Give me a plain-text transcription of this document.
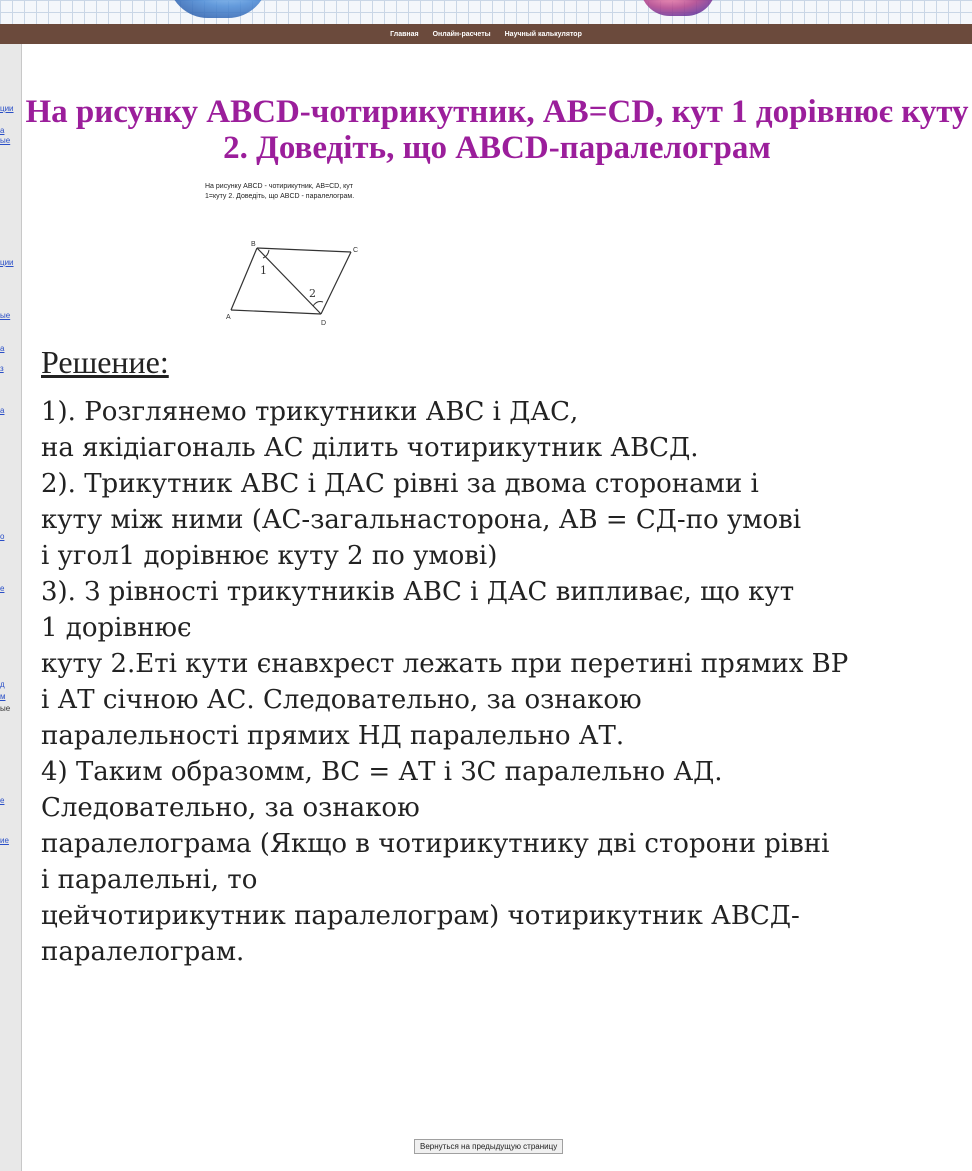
Главная Онлайн-расчеты Научный калькулятор
ции
а
ые
ции
ые
а
з
а
о
е
д
м
ые
е
ие
На рисунку ABCD-чотирикутник, AB=CD, кут 1 дорівнює куту 2. Доведіть, що ABCD-паралелограм
На рисунку ABCD - чотирикутник, AB=CD, кут
1=куту 2. Доведіть, що ABCD - паралелограм.
B
C
A
D
1
2
Решение:
1). Розглянемо трикутники АВС і ДАС,
на якідіагональ АС ділить чотирикутник АВСД.
2). Трикутник АВС і ДАС рівні за двома сторонами і
куту між ними (АС-загальнасторона, АВ = СД-по умові
і угол1 дорівнює куту 2 по умові)
3). З рівності трикутників АВС і ДАС випливає, що кут
1 дорівнює
куту 2.Еті кути єнавхрест лежать при перетині прямих ВР
і АТ січною АС. Следовательно, за ознакою
паралельності прямих НД паралельно АТ.
4) Таким образомм, ВС = АТ і ЗС паралельно АД.
Следовательно, за ознакою
паралелограма (Якщо в чотирикутнику дві сторони рівні
і паралельні, то
цейчотирикутник паралелограм) чотирикутник АВСД-
паралелограм.
Вернуться на предыдущую страницу
